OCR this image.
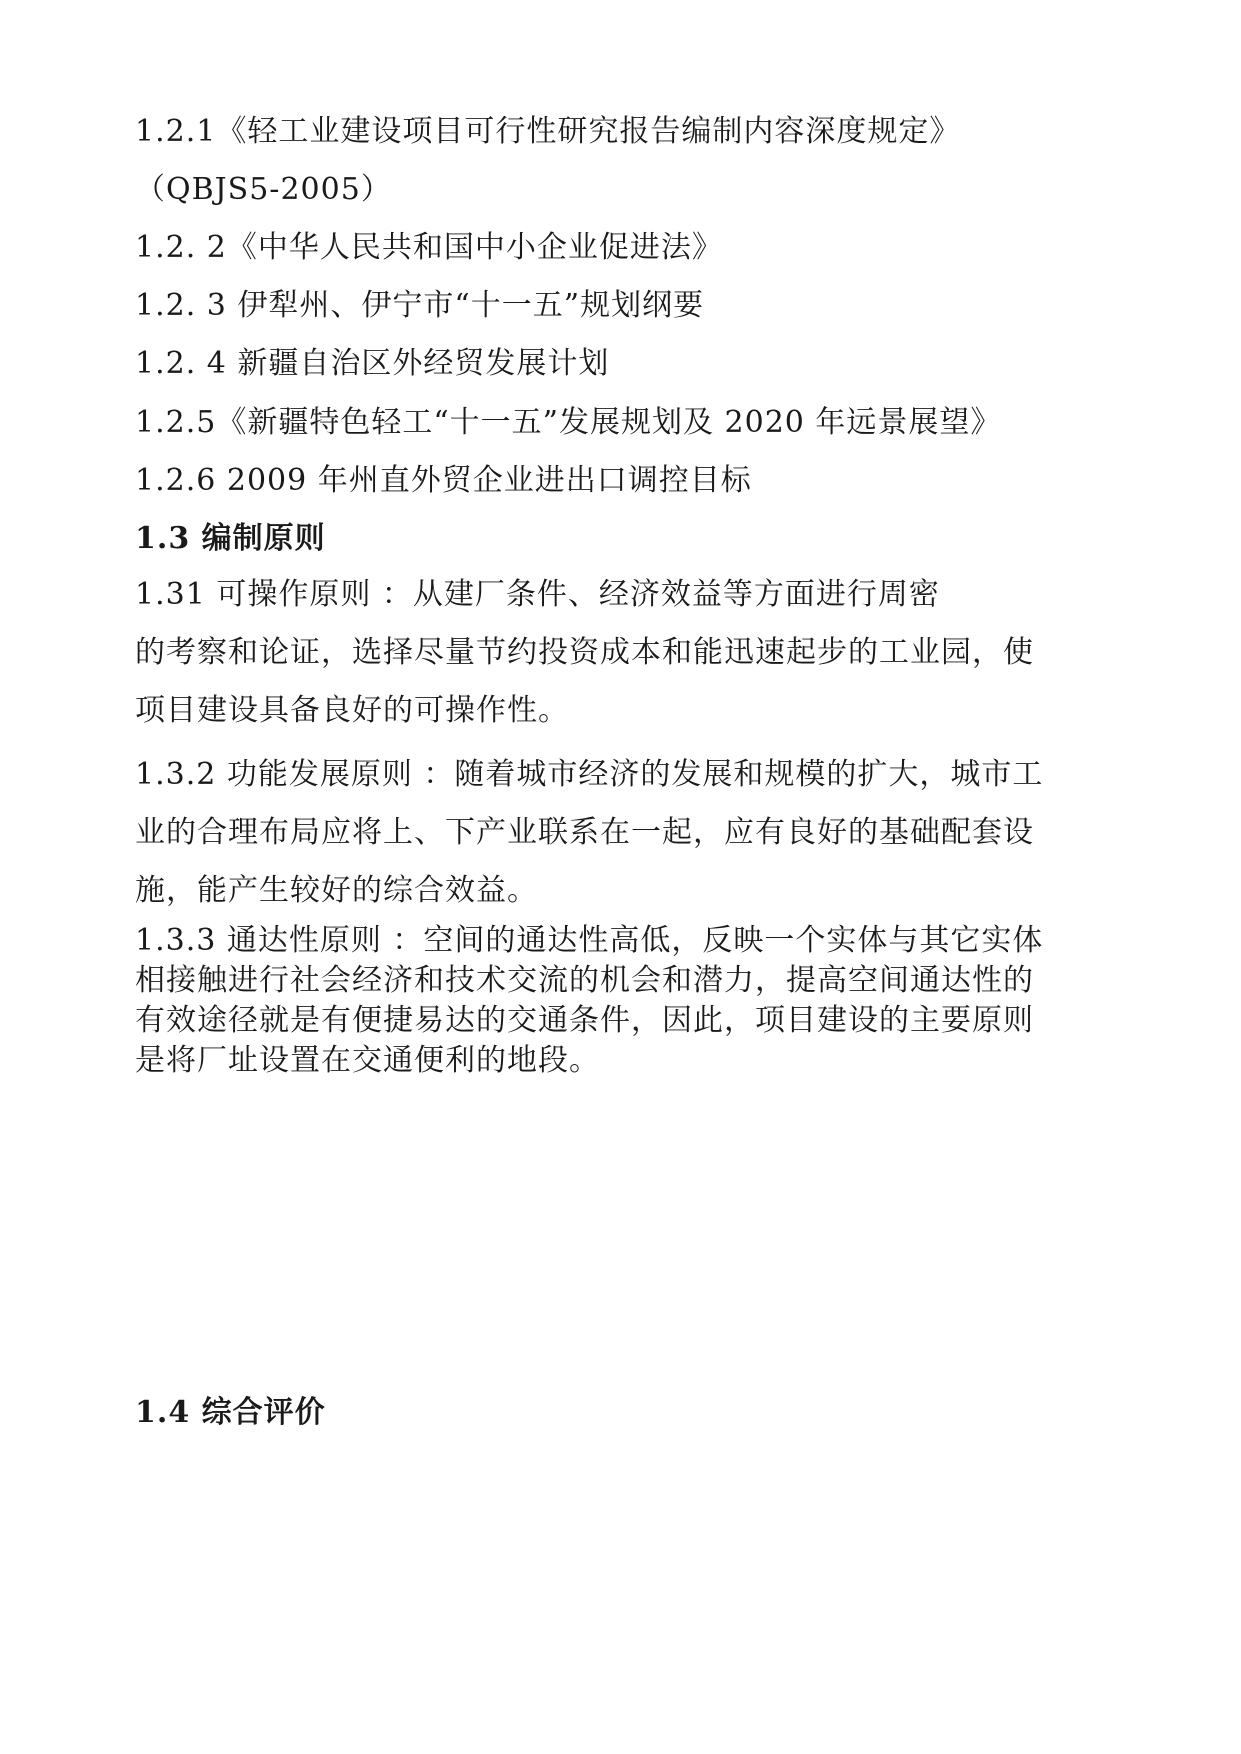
1.2.1《轻工业建设项目可行性研究报告编制内容深度规定》
（QBJS5-2005）
1.2. 2《中华人民共和国中小企业促进法》
1.2. 3 伊犁州、伊宁市“十一五”规划纲要
1.2. 4 新疆自治区外经贸发展计划
1.2.5《新疆特色轻工“十一五”发展规划及 2020 年远景展望》
1.2.6 2009 年州直外贸企业进出口调控目标
1.3 编制原则
1.31 可操作原则 ：从建厂条件、经济效益等方面进行周密
的考察和论证，选择尽量节约投资成本和能迅速起步的工业园，使
项目建设具备良好的可操作性。
1.3.2 功能发展原则 ：随着城市经济的发展和规模的扩大，城市工
业的合理布局应将上、下产业联系在一起，应有良好的基础配套设
施，能产生较好的综合效益。
1.3.3 通达性原则 ：空间的通达性高低，反映一个实体与其它实体
相接触进行社会经济和技术交流的机会和潜力，提高空间通达性的
有效途径就是有便捷易达的交通条件，因此，项目建设的主要原则
是将厂址设置在交通便利的地段。
1.4 综合评价
